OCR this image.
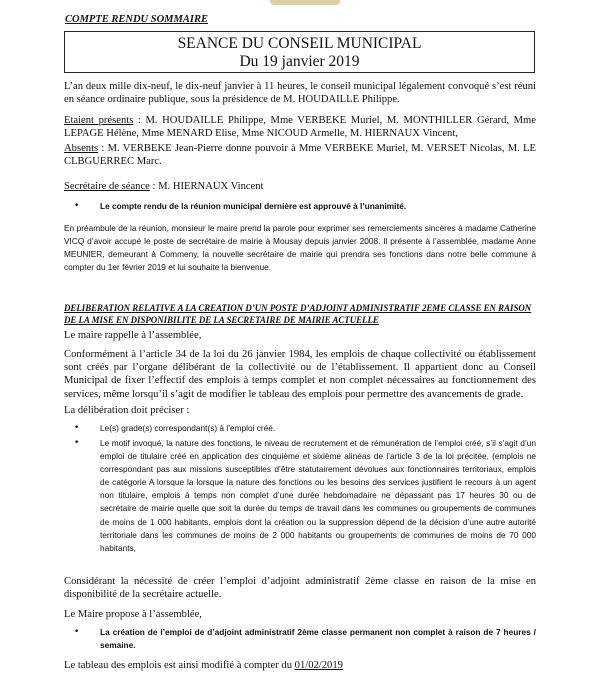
COMPTE RENDU SOMMAIRE
SEANCE DU CONSEIL MUNICIPAL
Du 19 janvier 2019
L’an deux mille dix-neuf, le dix-neuf janvier à 11 heures, le conseil municipal légalement convoqué s’est réuni en séance ordinaire publique, sous la présidence de M. HOUDAILLE Philippe.
Etaient présents : M. HOUDAILLE Philippe, Mme VERBEKE Muriel, M. MONTHILLER Gérard, Mme LEPAGE Hélène, Mme MENARD Elise, Mme NICOUD Armelle, M. HIERNAUX Vincent,
Absents : M. VERBEKE Jean-Pierre donne pouvoir à Mme VERBEKE Muriel, M. VERSET Nicolas, M. LE CLBGUERREC Marc.
Secrétaire de séance : M. HIERNAUX Vincent
• Le compte rendu de la réunion municipal dernière est approuvé à l’unanimité.
En préambule de la réunion, monsieur le maire prend la parole pour exprimer ses remerciements sincères à madame Catherine VICQ d’avoir accupé le poste de secrétaire de mairie à Mousay depuis janvier 2008. Il présente à l’assemblée, madame Anne MEUNIER, demeurant à Commeny, la nouvelle secrétaire de mairie qui prendra ses fonctions dans notre belle commune à compter du 1er février 2019 et lui souhaite la bienvenue.
DELIBERATION RELATIVE A LA CREATION D’UN POSTE D’ADJOINT ADMINISTRATIF 2EME CLASSE EN RAISON DE LA MISE EN DISPONIBILITE DE LA SECRETAIRE DE MAIRIE ACTUELLE
Le maire rappelle à l’assemblée,
Conformément à l’article 34 de la loi du 26 janvier 1984, les emplois de chaque collectivité ou établissement sont créés par l’organe délibérant de la collectivité ou de l’établissement. Il appartient donc au Conseil Municipal de fixer l’effectif des emplois à temps complet et non complet nécessaires au fonctionnement des services, même lorsqu’il s’agit de modifier le tableau des emplois pour permettre des avancements de grade.
La délibération doit préciser :
• Le(s) grade(s) correspondant(s) à l’emploi créé.
• Le motif invoqué, la nature des fonctions, le niveau de recrutement et de rémunération de l’emploi créé, s’il s’agit d’un emploi de titulaire créé en application des cinquième et sixième alinéas de l’article 3 de la loi précitée, (emplois ne correspondant pas aux missions susceptibles d’être statutairement dévolues aux fonctionnaires territoriaux, emplois de catégorie A lorsque la lorsque la nature des fonctions ou les besoins des services justifient le recours à un agent non titulaire, emplois à temps non complet d’une durée hebdomadaire ne dépassant pas 17 heures 30 ou de secrétaire de mairie quelle que soit la durée du temps de travail dans les communes ou groupements de communes de moins de 1 000 habitants, emplois dont la création ou la suppression dépend de la décision d’une autre autorité territoriale dans les communes de moins de 2 000 habitants ou groupements de communes de moins de 70 000 habitants,
Considérant la nécessité de créer l’emploi d’adjoint administratif 2ème classe en raison de la mise en disponibilité de la secrétaire actuelle.
Le Maire propose à l’assemblée,
• La création de l’emploi de d’adjoint administratif 2ème classe permanent non complet à raison de 7 heures / semaine.
Le tableau des emplois est ainsi modifié à compter du 01/02/2019
